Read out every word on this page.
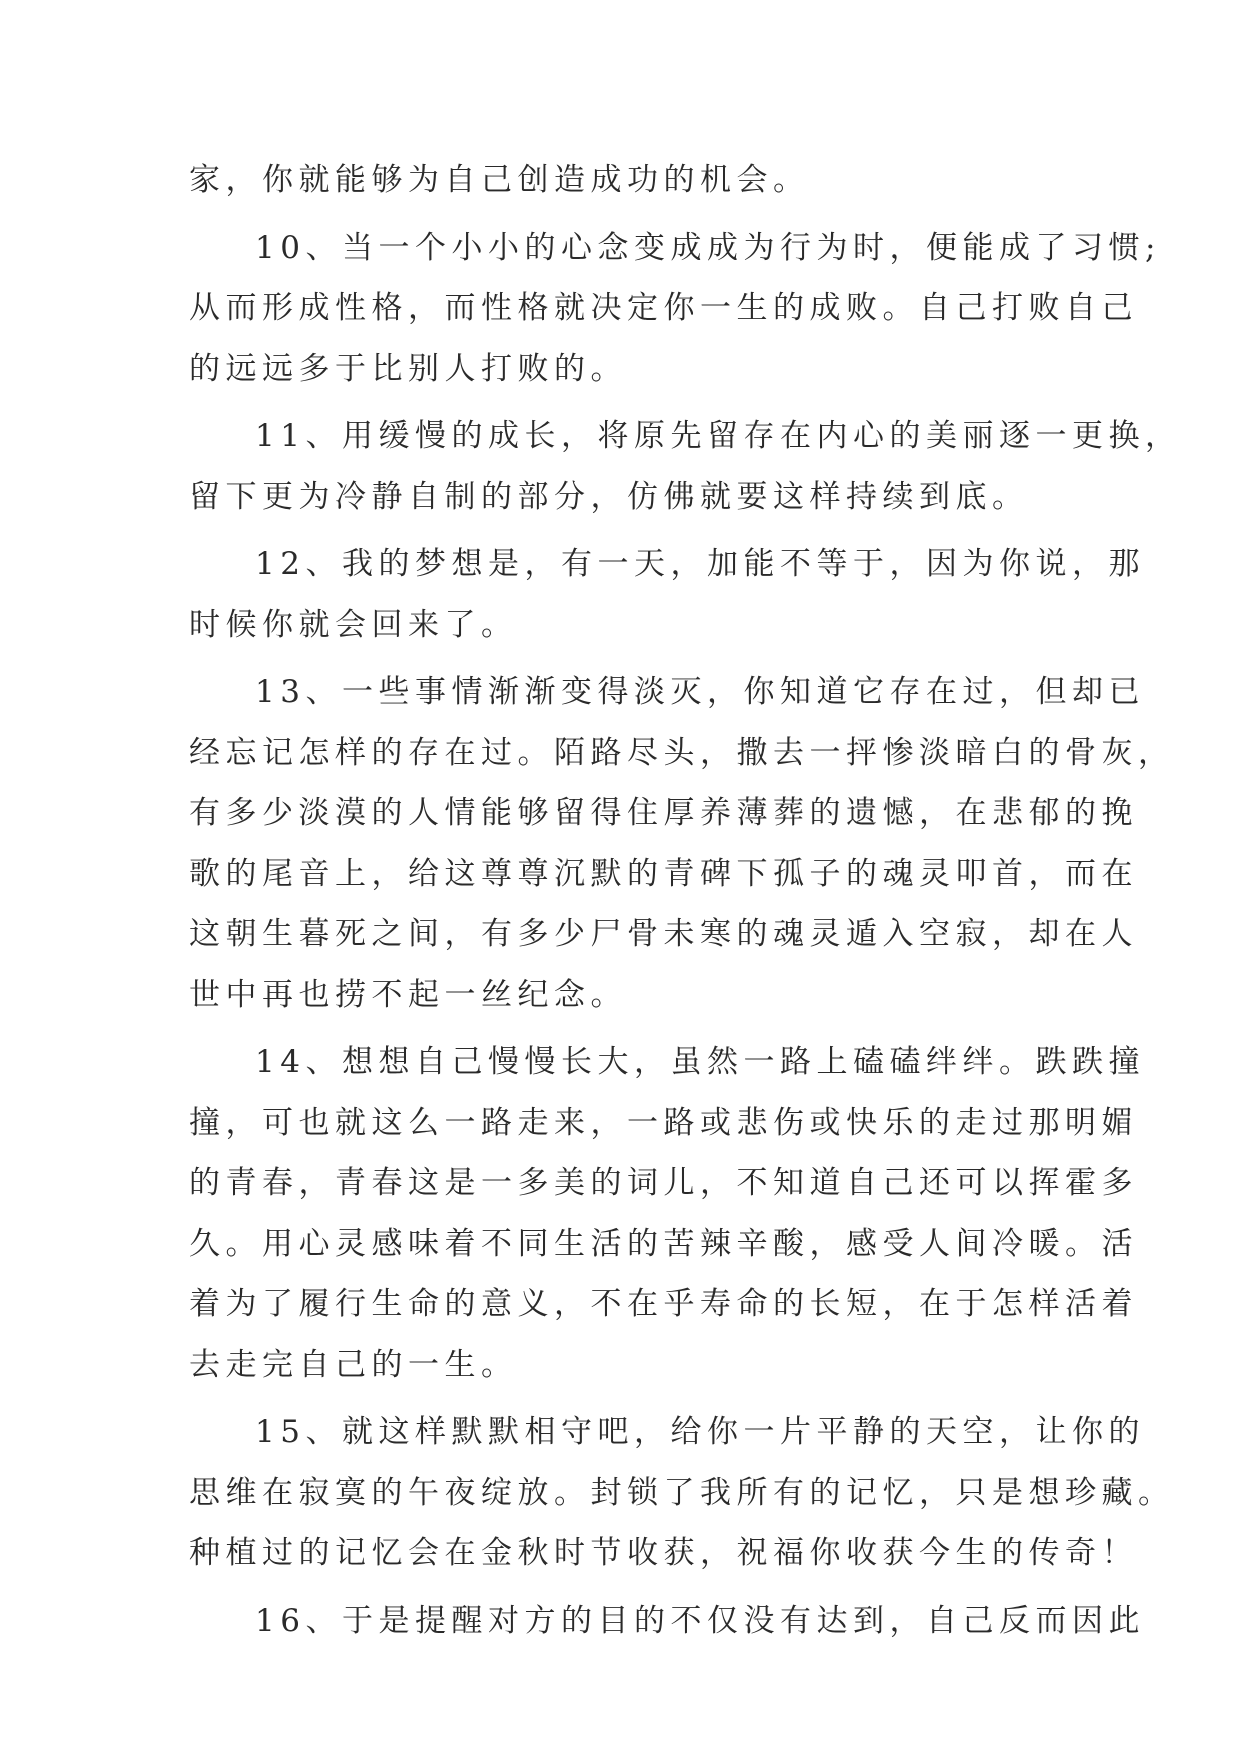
家，你就能够为自己创造成功的机会。
10、当一个小小的心念变成成为行为时，便能成了习惯;
从而形成性格，而性格就决定你一生的成败。自己打败自己
的远远多于比别人打败的。
11、用缓慢的成长，将原先留存在内心的美丽逐一更换，
留下更为冷静自制的部分，仿佛就要这样持续到底。
12、我的梦想是，有一天，加能不等于，因为你说，那
时候你就会回来了。
13、一些事情渐渐变得淡灭，你知道它存在过，但却已
经忘记怎样的存在过。陌路尽头，撒去一抨惨淡暗白的骨灰，
有多少淡漠的人情能够留得住厚养薄葬的遗憾，在悲郁的挽
歌的尾音上，给这尊尊沉默的青碑下孤子的魂灵叩首，而在
这朝生暮死之间，有多少尸骨未寒的魂灵遁入空寂，却在人
世中再也捞不起一丝纪念。
14、想想自己慢慢长大，虽然一路上磕磕绊绊。跌跌撞
撞，可也就这么一路走来，一路或悲伤或快乐的走过那明媚
的青春，青春这是一多美的词儿，不知道自己还可以挥霍多
久。用心灵感味着不同生活的苦辣辛酸，感受人间冷暖。活
着为了履行生命的意义，不在乎寿命的长短，在于怎样活着
去走完自己的一生。
15、就这样默默相守吧，给你一片平静的天空，让你的
思维在寂寞的午夜绽放。封锁了我所有的记忆，只是想珍藏。
种植过的记忆会在金秋时节收获，祝福你收获今生的传奇！
16、于是提醒对方的目的不仅没有达到，自己反而因此
